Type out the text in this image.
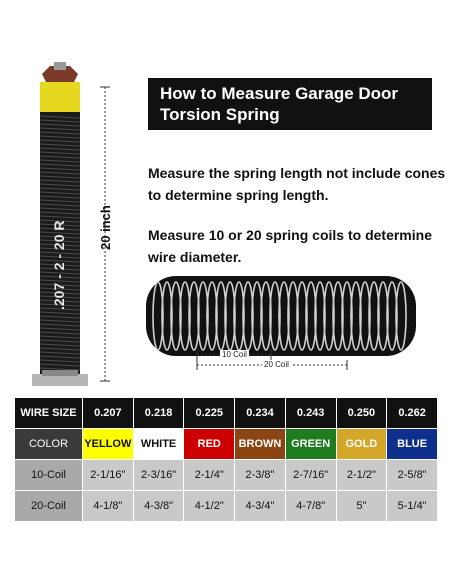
.207 - 2 - 20 R 20 inch
How to Measure Garage Door
Torsion Spring
Measure the spring length not include cones
to determine spring length.
Measure 10 or 20 spring coils to determine
wire diameter.
10 Coil
20 Coil
WIRE SIZE	0.207	0.218	0.225	0.234	0.243	0.250	0.262
COLOR	YELLOW	WHITE	RED	BROWN	GREEN	GOLD	BLUE
10-Coil	2-1/16"	2-3/16"	2-1/4"	2-3/8"	2-7/16"	2-1/2"	2-5/8"
20-Coil	4-1/8"	4-3/8"	4-1/2"	4-3/4"	4-7/8"	5"	5-1/4"
